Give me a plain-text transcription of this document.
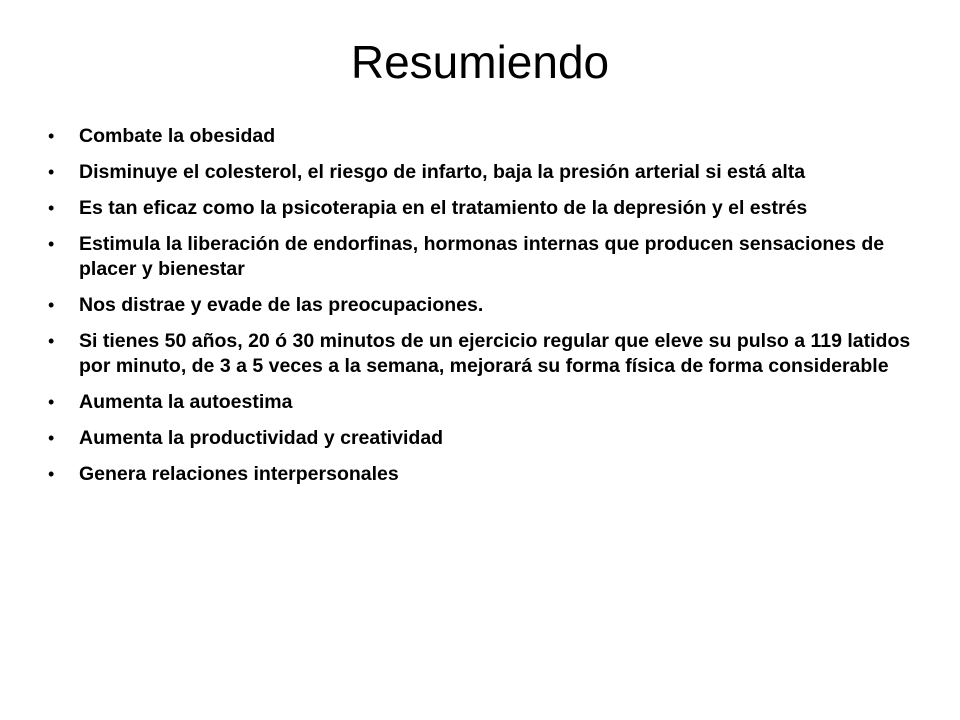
Resumiendo
• Combate la obesidad
• Disminuye el colesterol, el riesgo de infarto, baja la presión arterial si está alta
• Es tan eficaz como la psicoterapia en el tratamiento de la depresión y el estrés
• Estimula la liberación de endorfinas, hormonas internas que producen sensaciones de placer y bienestar
• Nos distrae y evade de las preocupaciones.
• Si tienes 50 años, 20 ó 30 minutos de un ejercicio regular que eleve su pulso a 119 latidos por minuto, de 3 a 5 veces a la semana, mejorará su forma física de forma considerable
• Aumenta la autoestima
• Aumenta la productividad y creatividad
• Genera relaciones interpersonales
